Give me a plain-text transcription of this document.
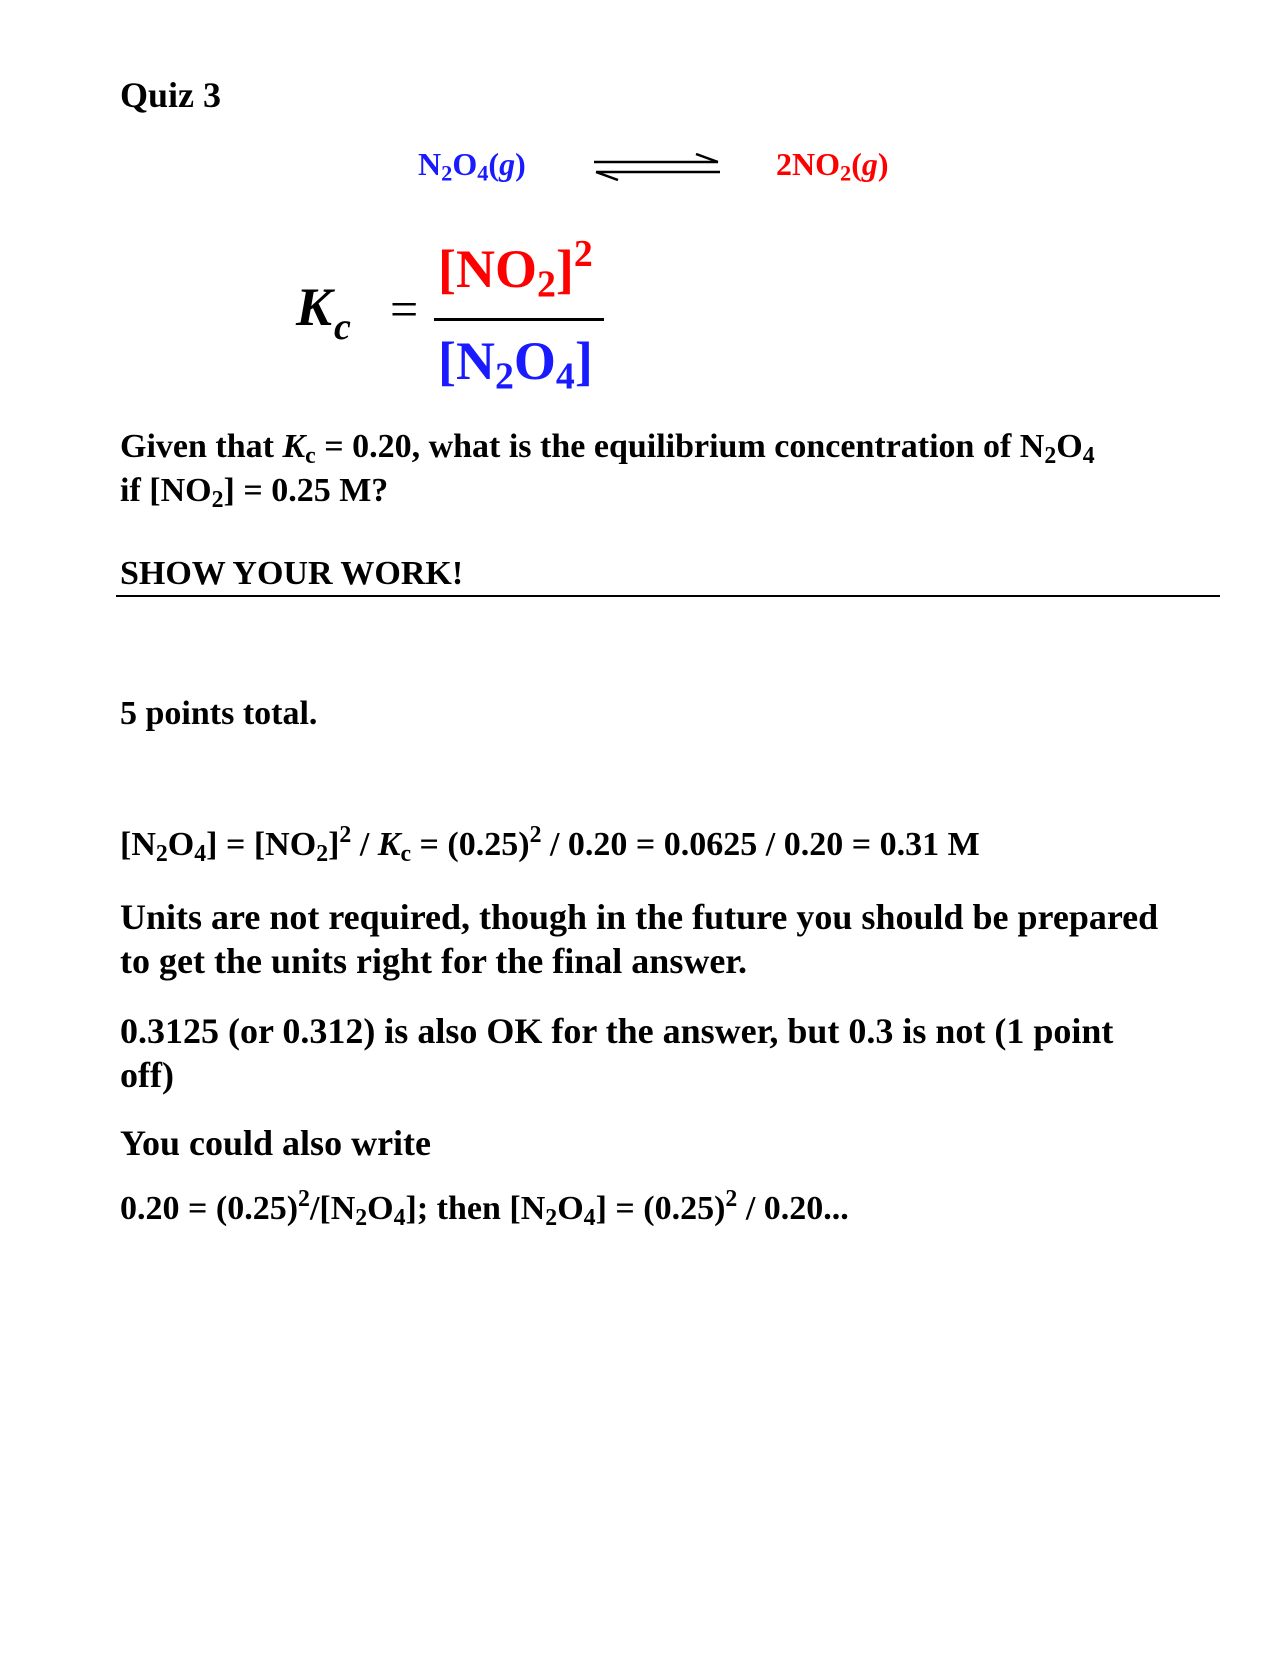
Quiz 3
$N_2O_4(g)$	$2NO_2(g)$
$K_c$ =
$[NO_2]^2$
$[N_2O_4]$
Given that $K_c = 0.20$, what is the equilibrium concentration of $N_2O_4$
if $[NO_2] = 0.25$ M?
SHOW YOUR WORK!
5 points total.
$[N_2O_4] = [NO_2]^2 / K_c = (0.25)^2 / 0.20 = 0.0625 / 0.20 = 0.31$ M
Units are not required, though in the future you should be prepared
to get the units right for the final answer.
0.3125 (or 0.312) is also OK for the answer, but 0.3 is not (1 point
off)
You could also write
$0.20 = (0.25)^2/[N_2O_4]$; then $[N_2O_4] = (0.25)^2 / 0.20$...
